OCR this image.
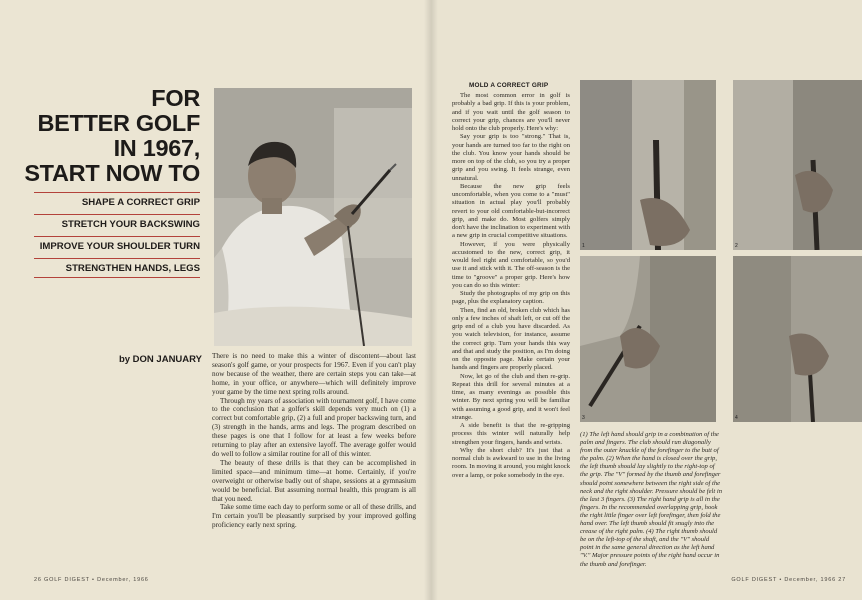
FOR
BETTER GOLF
IN 1967,
START NOW TO
SHAPE A CORRECT GRIP
STRETCH YOUR BACKSWING
IMPROVE YOUR SHOULDER TURN
STRENGTHEN HANDS, LEGS
by DON JANUARY There is no need to make this a winter of discontent—about last season's golf game, or your prospects for 1967. Even if you can't play now because of the weather, there are certain steps you can take—at home, in your office, or anywhere—which will definitely improve your game by the time next spring rolls around.

Through my years of association with tournament golf, I have come to the conclusion that a golfer's skill depends very much on (1) a correct but comfortable grip, (2) a full and proper backswing turn, and (3) strength in the hands, arms and legs. The program described on these pages is one that I follow for at least a few weeks before returning to play after an extensive layoff. The average golfer would do well to follow a similar routine for all of this winter.

The beauty of these drills is that they can be accomplished in limited space—and minimum time—at home. Certainly, if you're overweight or otherwise badly out of shape, sessions at a gymnasium would be beneficial. But assuming normal health, this program is all that you need.

Take some time each day to perform some or all of these drills, and I'm certain you'll be pleasantly surprised by your improved golfing proficiency early next spring.

26 GOLF DIGEST • December, 1966
MOLD A CORRECT GRIP

The most common error in golf is probably a bad grip. If this is your problem, and if you wait until the golf season to correct your grip, chances are you'll never hold onto the club properly. Here's why:

Say your grip is too "strong." That is, your hands are turned too far to the right on the club. You know your hands should be more on top of the club, so you try a proper grip and you swing. It feels strange, even unnatural.

Because the new grip feels uncomfortable, when you come to a "must" situation in actual play you'll probably revert to your old comfortable-but-incorrect grip, and make do. Most golfers simply don't have the inclination to experiment with a new grip in crucial competitive situations.

However, if you were physically accustomed to the new, correct grip, it would feel right and comfortable, so you'd use it and stick with it. The off-season is the time to "groove" a proper grip. Here's how you can do so this winter:

Study the photographs of my grip on this page, plus the explanatory caption.

Then, find an old, broken club which has only a few inches of shaft left, or cut off the grip end of a club you have discarded. As you watch television, for instance, assume the correct grip. Turn your hands this way and that and study the position, as I'm doing on the opposite page. Make certain your hands and fingers are properly placed.

Now, let go of the club and then re-grip. Repeat this drill for several minutes at a time, as many evenings as possible this winter. By next spring you will be familiar with assuming a good grip, and it won't feel strange.

A side benefit is that the re-gripping process this winter will naturally help strengthen your fingers, hands and wrists.

Why the short club? It's just that a normal club is awkward to use in the living room. In moving it around, you might knock over a lamp, or poke somebody in the eye.

1	2
3	4
(1) The left hand should grip in a combination of the palm and fingers. The club should run diagonally from the outer knuckle of the forefinger to the butt of the palm. (2) When the hand is closed over the grip, the left thumb should lay slightly to the right-top of the grip. The "V" formed by the thumb and forefinger should point somewhere between the right side of the neck and the right shoulder. Pressure should be felt in the last 3 fingers. (3) The right hand grip is all in the fingers. In the recommended overlapping grip, hook the right little finger over left forefinger, then fold the hand over. The left thumb should fit snugly into the crease of the right palm. (4) The right thumb should be on the left-top of the shaft, and the "V" should point in the same general direction as the left hand "V." Major pressure points of the right hand occur in the thumb and forefinger.
GOLF DIGEST • December, 1966 27
